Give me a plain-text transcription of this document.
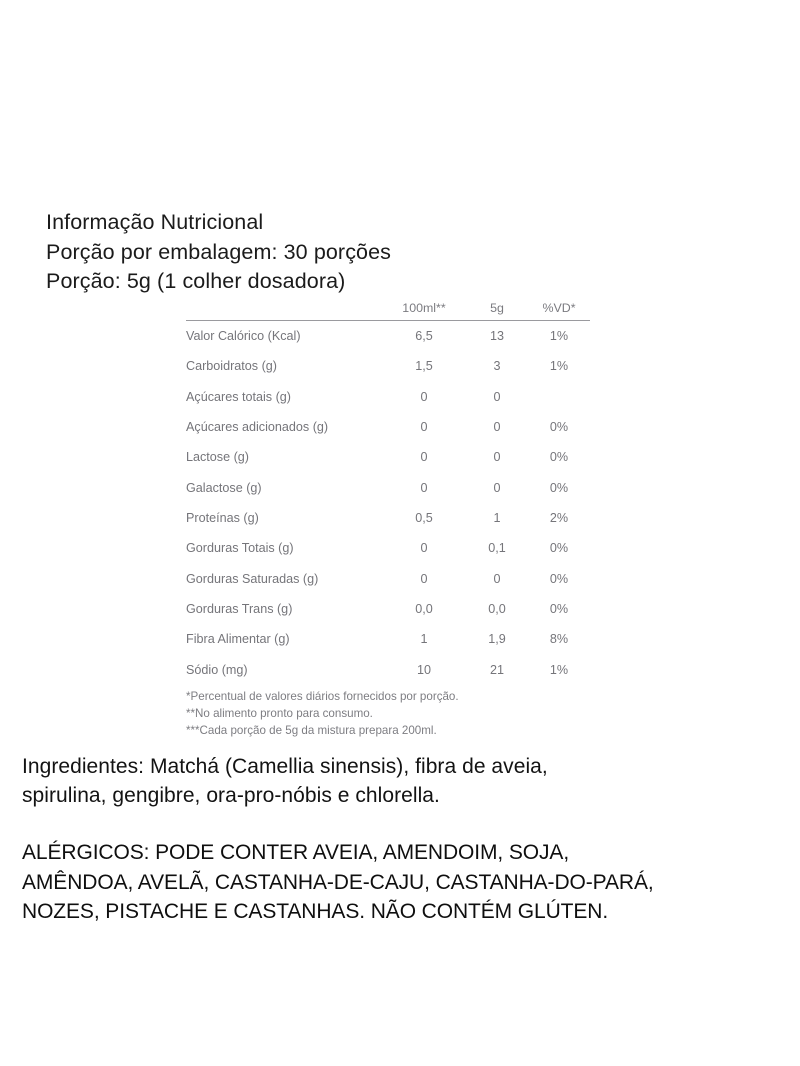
Informação Nutricional
Porção por embalagem: 30 porções
Porção: 5g (1 colher dosadora)
	100ml**	5g	%VD*

Valor Calórico (Kcal)	6,5	13	1%
Carboidratos (g)	1,5	3	1%
Açúcares totais (g)	0	0	
Açúcares adicionados (g)	0	0	0%
Lactose (g)	0	0	0%
Galactose (g)	0	0	0%
Proteínas (g)	0,5	1	2%
Gorduras Totais (g)	0	0,1	0%
Gorduras Saturadas (g)	0	0	0%
Gorduras Trans (g)	0,0	0,0	0%
Fibra Alimentar (g)	1	1,9	8%
Sódio (mg)	10	21	1%
*Percentual de valores diários fornecidos por porção.
**No alimento pronto para consumo.
***Cada porção de 5g da mistura prepara 200ml.
Ingredientes: Matchá (Camellia sinensis), fibra de aveia,
spirulina, gengibre, ora-pro-nóbis e chlorella.
ALÉRGICOS: PODE CONTER AVEIA, AMENDOIM, SOJA,
AMÊNDOA, AVELÃ, CASTANHA-DE-CAJU, CASTANHA-DO-PARÁ,
NOZES, PISTACHE E CASTANHAS. NÃO CONTÉM GLÚTEN.
